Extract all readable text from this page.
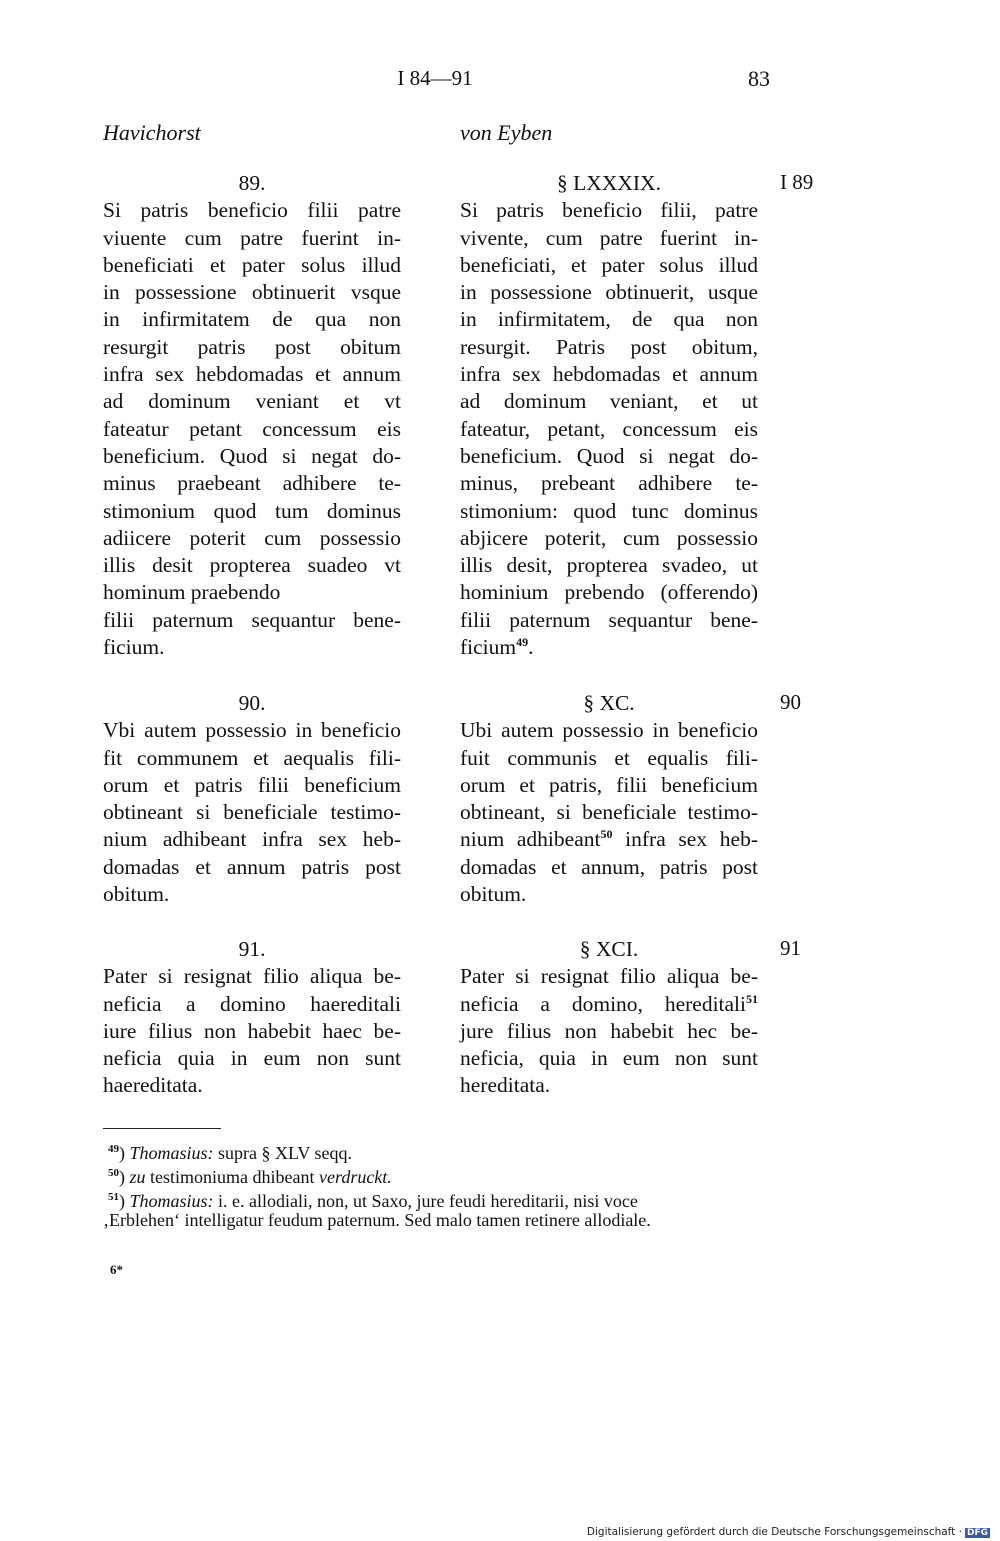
I 84—91	83
Havichorst	von Eyben
89.
Si patris beneficio filii patre
viuente cum patre fuerint in-
beneficiati et pater solus illud
in possessione obtinuerit vsque
in infirmitatem de qua non
resurgit patris post obitum
infra sex hebdomadas et annum
ad dominum veniant et vt
fateatur petant concessum eis
beneficium. Quod si negat do-
minus praebeant adhibere te-
stimonium quod tum dominus
adiicere poterit cum possessio
illis desit propterea suadeo vt
hominum praebendo
filii paternum sequantur bene-
ficium.
§ LXXXIX.
Si patris beneficio filii, patre
vivente, cum patre fuerint in-
beneficiati, et pater solus illud
in possessione obtinuerit, usque
in infirmitatem, de qua non
resurgit. Patris post obitum,
infra sex hebdomadas et annum
ad dominum veniant, et ut
fateatur, petant, concessum eis
beneficium. Quod si negat do-
minus, prebeant adhibere te-
stimonium: quod tunc dominus
abjicere poterit, cum possessio
illis desit, propterea svadeo, ut
hominium prebendo (offerendo)
filii paternum sequantur bene-
ficium$^{49}$.
I 89
90.
Vbi autem possessio in beneficio
fit communem et aequalis fili-
orum et patris filii beneficium
obtineant si beneficiale testimo-
nium adhibeant infra sex heb-
domadas et annum patris post
obitum.
§ XC.
Ubi autem possessio in beneficio
fuit communis et equalis fili-
orum et patris, filii beneficium
obtineant, si beneficiale testimo-
nium adhibeant$^{50}$ infra sex heb-
domadas et annum, patris post
obitum.
90
91.
Pater si resignat filio aliqua be-
neficia a domino haereditali
iure filius non habebit haec be-
neficia quia in eum non sunt
haereditata.
§ XCI.
Pater si resignat filio aliqua be-
neficia a domino, hereditali$^{51}$
jure filius non habebit hec be-
neficia, quia in eum non sunt
hereditata.
91
$^{49}$) Thomasius: supra § XLV seqq.
$^{50}$) zu testimoniuma dhibeant verdruckt.
$^{51}$) Thomasius: i. e. allodiali, non, ut Saxo, jure feudi hereditarii, nisi voce
‚Erblehen‘ intelligatur feudum paternum. Sed malo tamen retinere allodiale.
6*
Digitalisierung gefördert durch die Deutsche Forschungsgemeinschaft · DFG
